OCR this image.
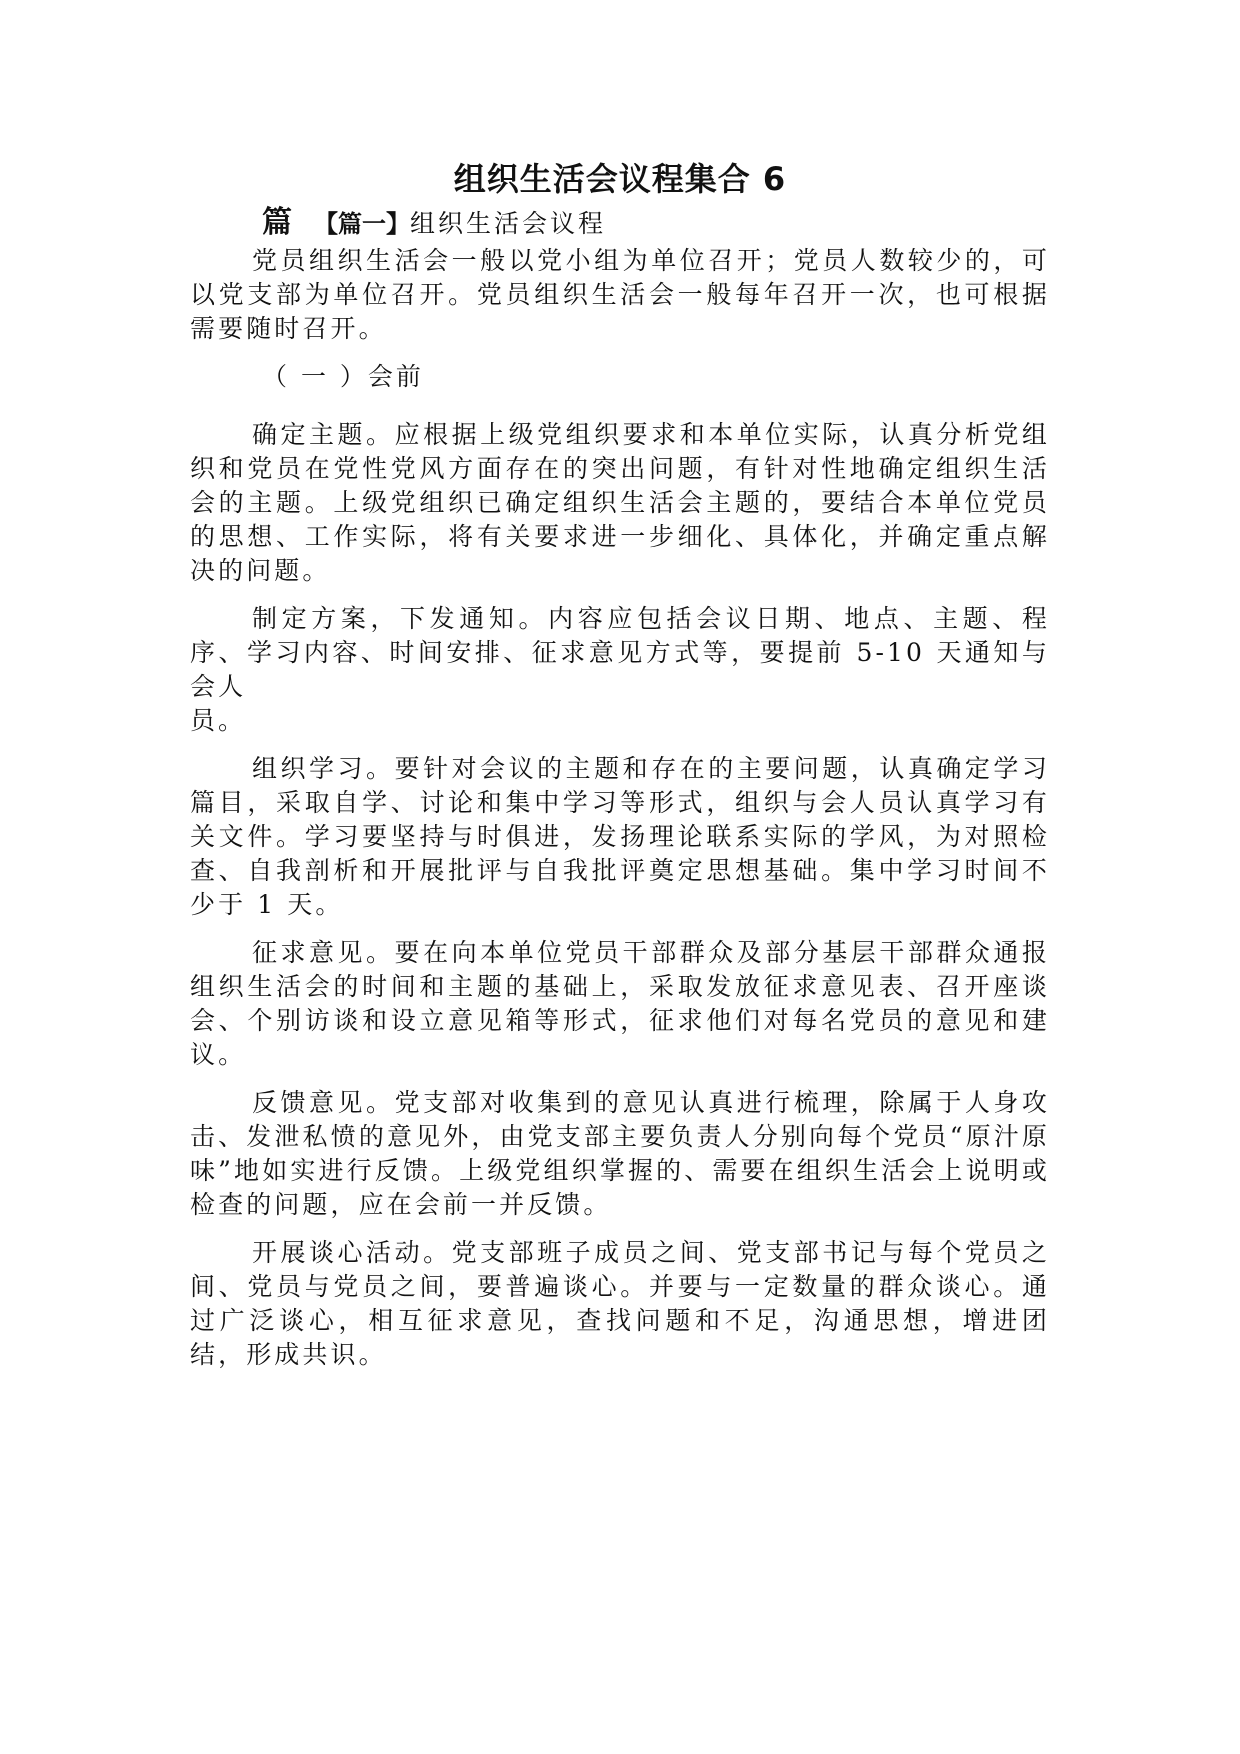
组织生活会议程集合 6
篇 【篇一】组织生活会议程

党员组织生活会一般以党小组为单位召开；党员人数较少的，可以党支部为单位召开。党员组织生活会一般每年召开一次，也可根据需要随时召开。

（ 一 ）会前

确定主题。应根据上级党组织要求和本单位实际，认真分析党组织和党员在党性党风方面存在的突出问题，有针对性地确定组织生活会的主题。上级党组织已确定组织生活会主题的，要结合本单位党员的思想、工作实际，将有关要求进一步细化、具体化，并确定重点解决的问题。

制定方案，下发通知。内容应包括会议日期、地点、主题、程序、学习内容、时间安排、征求意见方式等，要提前 5-10 天通知与会人

员。

组织学习。要针对会议的主题和存在的主要问题，认真确定学习篇目，采取自学、讨论和集中学习等形式，组织与会人员认真学习有关文件。学习要坚持与时俱进，发扬理论联系实际的学风，为对照检查、自我剖析和开展批评与自我批评奠定思想基础。集中学习时间不少于 1 天。

征求意见。要在向本单位党员干部群众及部分基层干部群众通报组织生活会的时间和主题的基础上，采取发放征求意见表、召开座谈会、个别访谈和设立意见箱等形式，征求他们对每名党员的意见和建议。

反馈意见。党支部对收集到的意见认真进行梳理，除属于人身攻击、发泄私愤的意见外，由党支部主要负责人分别向每个党员“原汁原味”地如实进行反馈。上级党组织掌握的、需要在组织生活会上说明或检查的问题，应在会前一并反馈。

开展谈心活动。党支部班子成员之间、党支部书记与每个党员之间、党员与党员之间，要普遍谈心。并要与一定数量的群众谈心。通过广泛谈心，相互征求意见，查找问题和不足，沟通思想，增进团结，形成共识。
